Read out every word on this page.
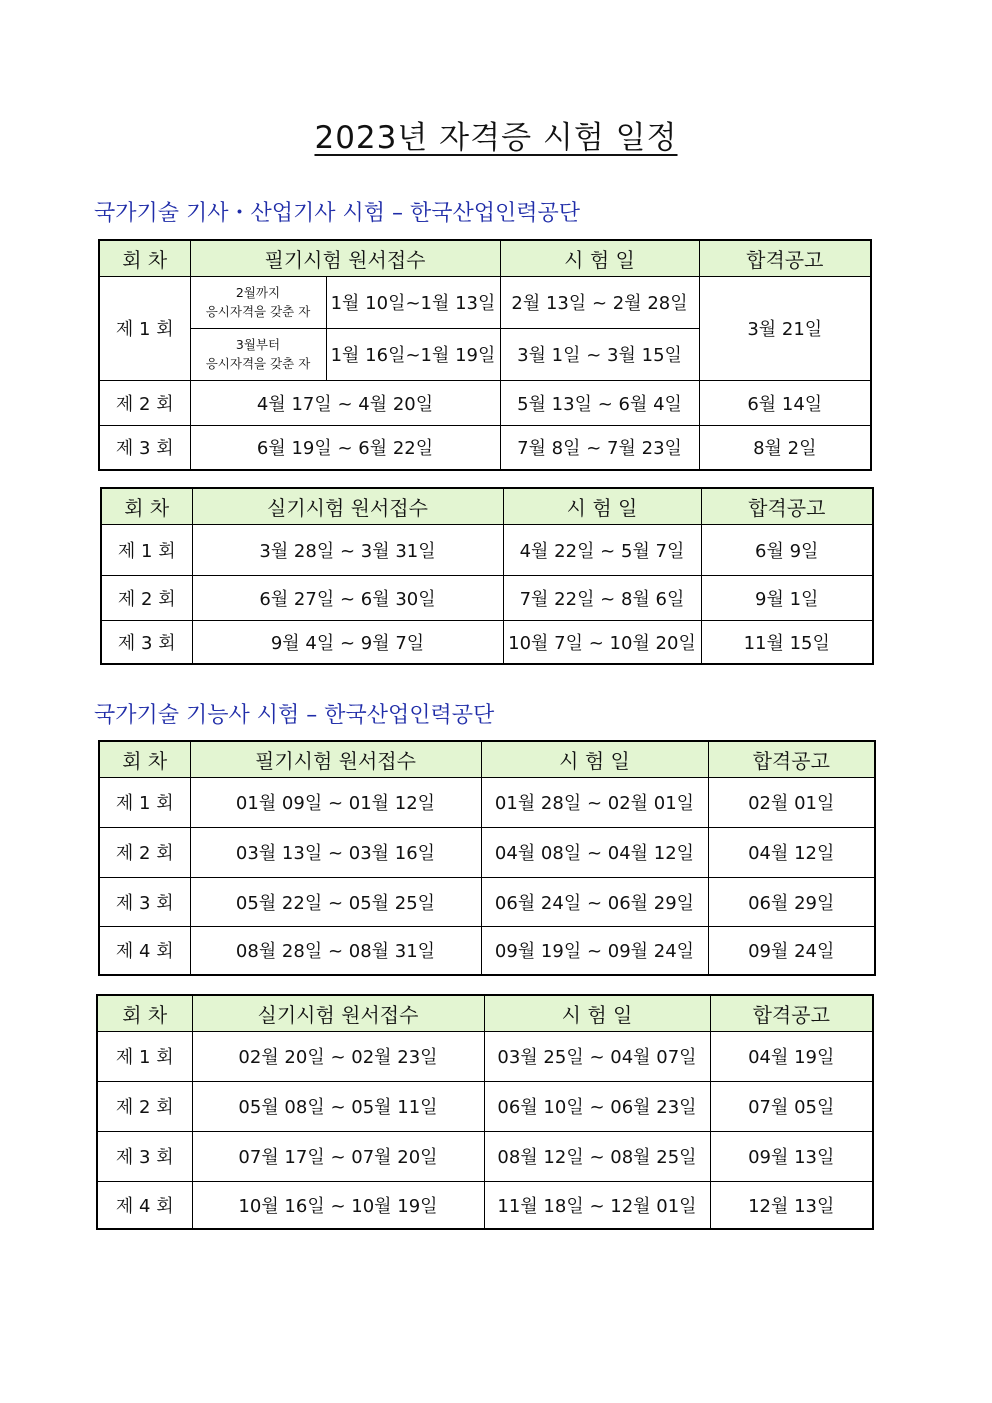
2023년 자격증 시험 일정
국가기술 기사・산업기사 시험 – 한국산업인력공단
회 차	필기시험 원서접수		시 험 일	합격공고
제 1 회	2월까지
응시자격을 갖춘 자	1월 10일~1월 13일	2월 13일 ~ 2월 28일	3월 21일

	3월부터
응시자격을 갖춘 자	1월 16일~1월 19일	3월 1일 ~ 3월 15일	
제 2 회	4월 17일 ~ 4월 20일		5월 13일 ~ 6월 4일	6월 14일
제 3 회	6월 19일 ~ 6월 22일		7월 8일 ~ 7월 23일	8월 2일
회 차	실기시험 원서접수	시 험 일	합격공고
제 1 회	3월 28일 ~ 3월 31일	4월 22일 ~ 5월 7일	6월 9일
제 2 회	6월 27일 ~ 6월 30일	7월 22일 ~ 8월 6일	9월 1일
제 3 회	9월 4일 ~ 9월 7일	10월 7일 ~ 10월 20일	11월 15일
국가기술 기능사 시험 – 한국산업인력공단
회 차	필기시험 원서접수	시 험 일	합격공고
제 1 회	01월 09일 ~ 01월 12일	01월 28일 ~ 02월 01일	02월 01일
제 2 회	03월 13일 ~ 03월 16일	04월 08일 ~ 04월 12일	04월 12일
제 3 회	05월 22일 ~ 05월 25일	06월 24일 ~ 06월 29일	06월 29일
제 4 회	08월 28일 ~ 08월 31일	09월 19일 ~ 09월 24일	09월 24일
회 차	실기시험 원서접수	시 험 일	합격공고
제 1 회	02월 20일 ~ 02월 23일	03월 25일 ~ 04월 07일	04월 19일
제 2 회	05월 08일 ~ 05월 11일	06월 10일 ~ 06월 23일	07월 05일
제 3 회	07월 17일 ~ 07월 20일	08월 12일 ~ 08월 25일	09월 13일
제 4 회	10월 16일 ~ 10월 19일	11월 18일 ~ 12월 01일	12월 13일
